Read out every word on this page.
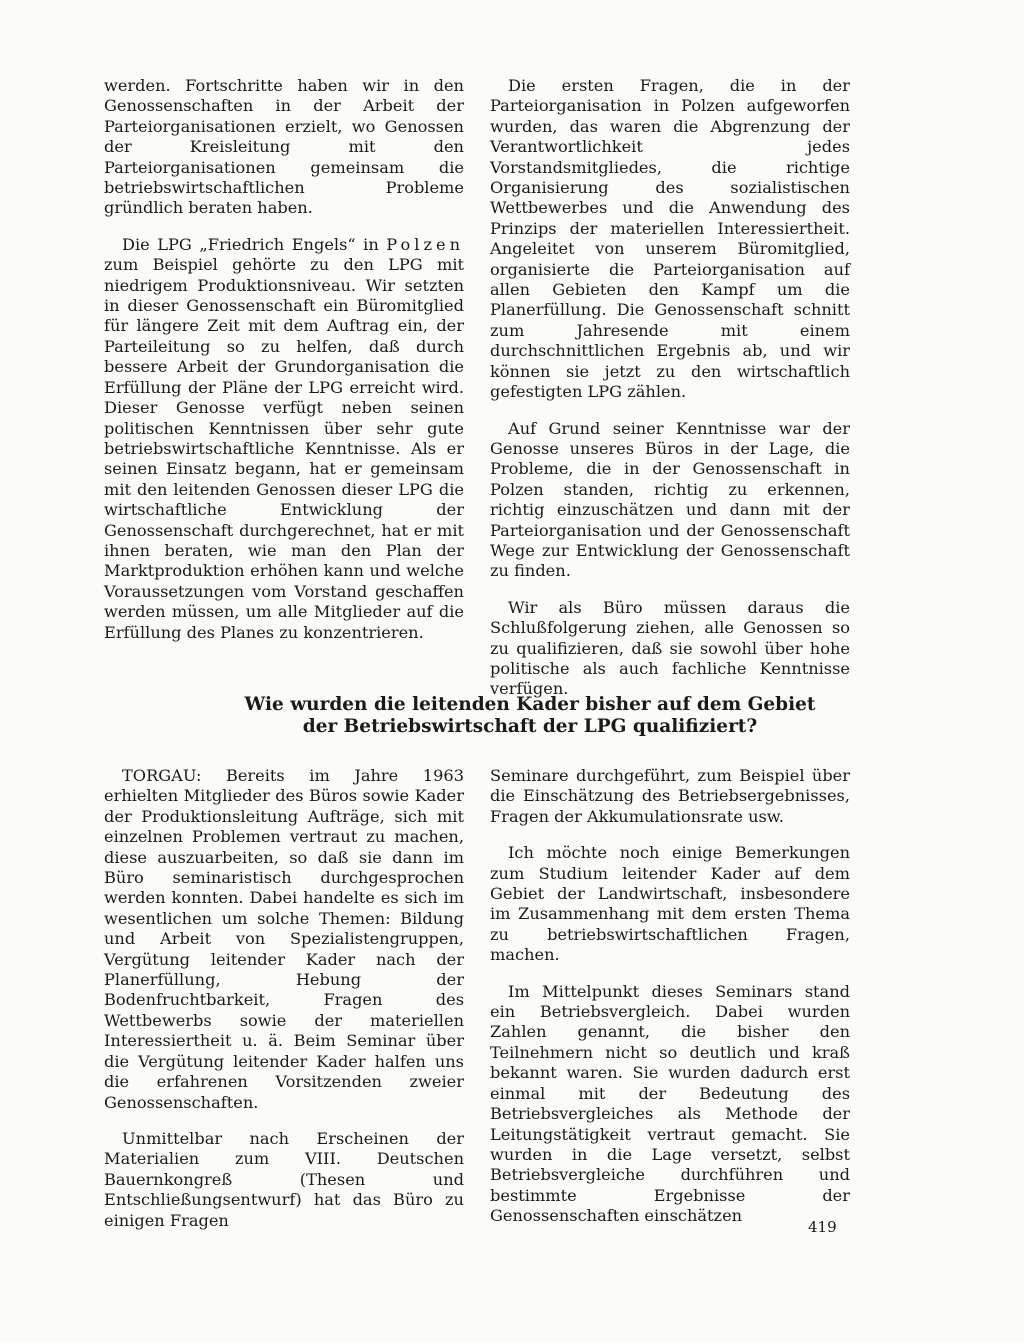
werden. Fortschritte haben wir in den Genossenschaften in der Arbeit der Parteiorganisationen erzielt, wo Genossen der Kreisleitung mit den Parteiorganisationen gemeinsam die betriebswirtschaftlichen Probleme gründlich beraten haben.

Die LPG „Friedrich Engels“ in Polzen zum Beispiel gehörte zu den LPG mit niedrigem Produktionsniveau. Wir setzten in dieser Genossenschaft ein Büromitglied für längere Zeit mit dem Auftrag ein, der Parteileitung so zu helfen, daß durch bessere Arbeit der Grundorganisation die Erfüllung der Pläne der LPG erreicht wird. Dieser Genosse verfügt neben seinen politischen Kenntnissen über sehr gute betriebswirtschaftliche Kenntnisse. Als er seinen Einsatz begann, hat er gemeinsam mit den leitenden Genossen dieser LPG die wirtschaftliche Entwicklung der Genossenschaft durchgerechnet, hat er mit ihnen beraten, wie man den Plan der Marktproduktion erhöhen kann und welche Voraussetzungen vom Vorstand geschaffen werden müssen, um alle Mitglieder auf die Erfüllung des Planes zu konzentrieren.

Die ersten Fragen, die in der Parteiorganisation in Polzen aufgeworfen wurden, das waren die Abgrenzung der Verantwortlichkeit jedes Vorstandsmitgliedes, die richtige Organisierung des sozialistischen Wettbewerbes und die Anwendung des Prinzips der materiellen Interessiertheit. Angeleitet von unserem Büromitglied, organisierte die Parteiorganisation auf allen Gebieten den Kampf um die Planerfüllung. Die Genossenschaft schnitt zum Jahresende mit einem durchschnittlichen Ergebnis ab, und wir können sie jetzt zu den wirtschaftlich gefestigten LPG zählen.

Auf Grund seiner Kenntnisse war der Genosse unseres Büros in der Lage, die Probleme, die in der Genossenschaft in Polzen standen, richtig zu erkennen, richtig einzuschätzen und dann mit der Parteiorganisation und der Genossenschaft Wege zur Entwicklung der Genossenschaft zu finden.

Wir als Büro müssen daraus die Schlußfolgerung ziehen, alle Genossen so zu qualifizieren, daß sie sowohl über hohe politische als auch fachliche Kenntnisse verfügen.

Wie wurden die leitenden Kader bisher auf dem Gebiet
der Betriebswirtschaft der LPG qualifiziert?

TORGAU: Bereits im Jahre 1963 erhielten Mitglieder des Büros sowie Kader der Produktionsleitung Aufträge, sich mit einzelnen Problemen vertraut zu machen, diese auszuarbeiten, so daß sie dann im Büro seminaristisch durchgesprochen werden konnten. Dabei handelte es sich im wesentlichen um solche Themen: Bildung und Arbeit von Spezialistengruppen, Vergütung leitender Kader nach der Planerfüllung, Hebung der Bodenfruchtbarkeit, Fragen des Wettbewerbs sowie der materiellen Interessiertheit u. ä. Beim Seminar über die Vergütung leitender Kader halfen uns die erfahrenen Vorsitzenden zweier Genossenschaften.

Unmittelbar nach Erscheinen der Materialien zum VIII. Deutschen Bauernkongreß (Thesen und Entschließungsentwurf) hat das Büro zu einigen Fragen

Seminare durchgeführt, zum Beispiel über die Einschätzung des Betriebsergebnisses, Fragen der Akkumulationsrate usw.

Ich möchte noch einige Bemerkungen zum Studium leitender Kader auf dem Gebiet der Landwirtschaft, insbesondere im Zusammenhang mit dem ersten Thema zu betriebswirtschaftlichen Fragen, machen.

Im Mittelpunkt dieses Seminars stand ein Betriebsvergleich. Dabei wurden Zahlen genannt, die bisher den Teilnehmern nicht so deutlich und kraß bekannt waren. Sie wurden dadurch erst einmal mit der Bedeutung des Betriebsvergleiches als Methode der Leitungstätigkeit vertraut gemacht. Sie wurden in die Lage versetzt, selbst Betriebsvergleiche durchführen und bestimmte Ergebnisse der Genossenschaften einschätzen

419
